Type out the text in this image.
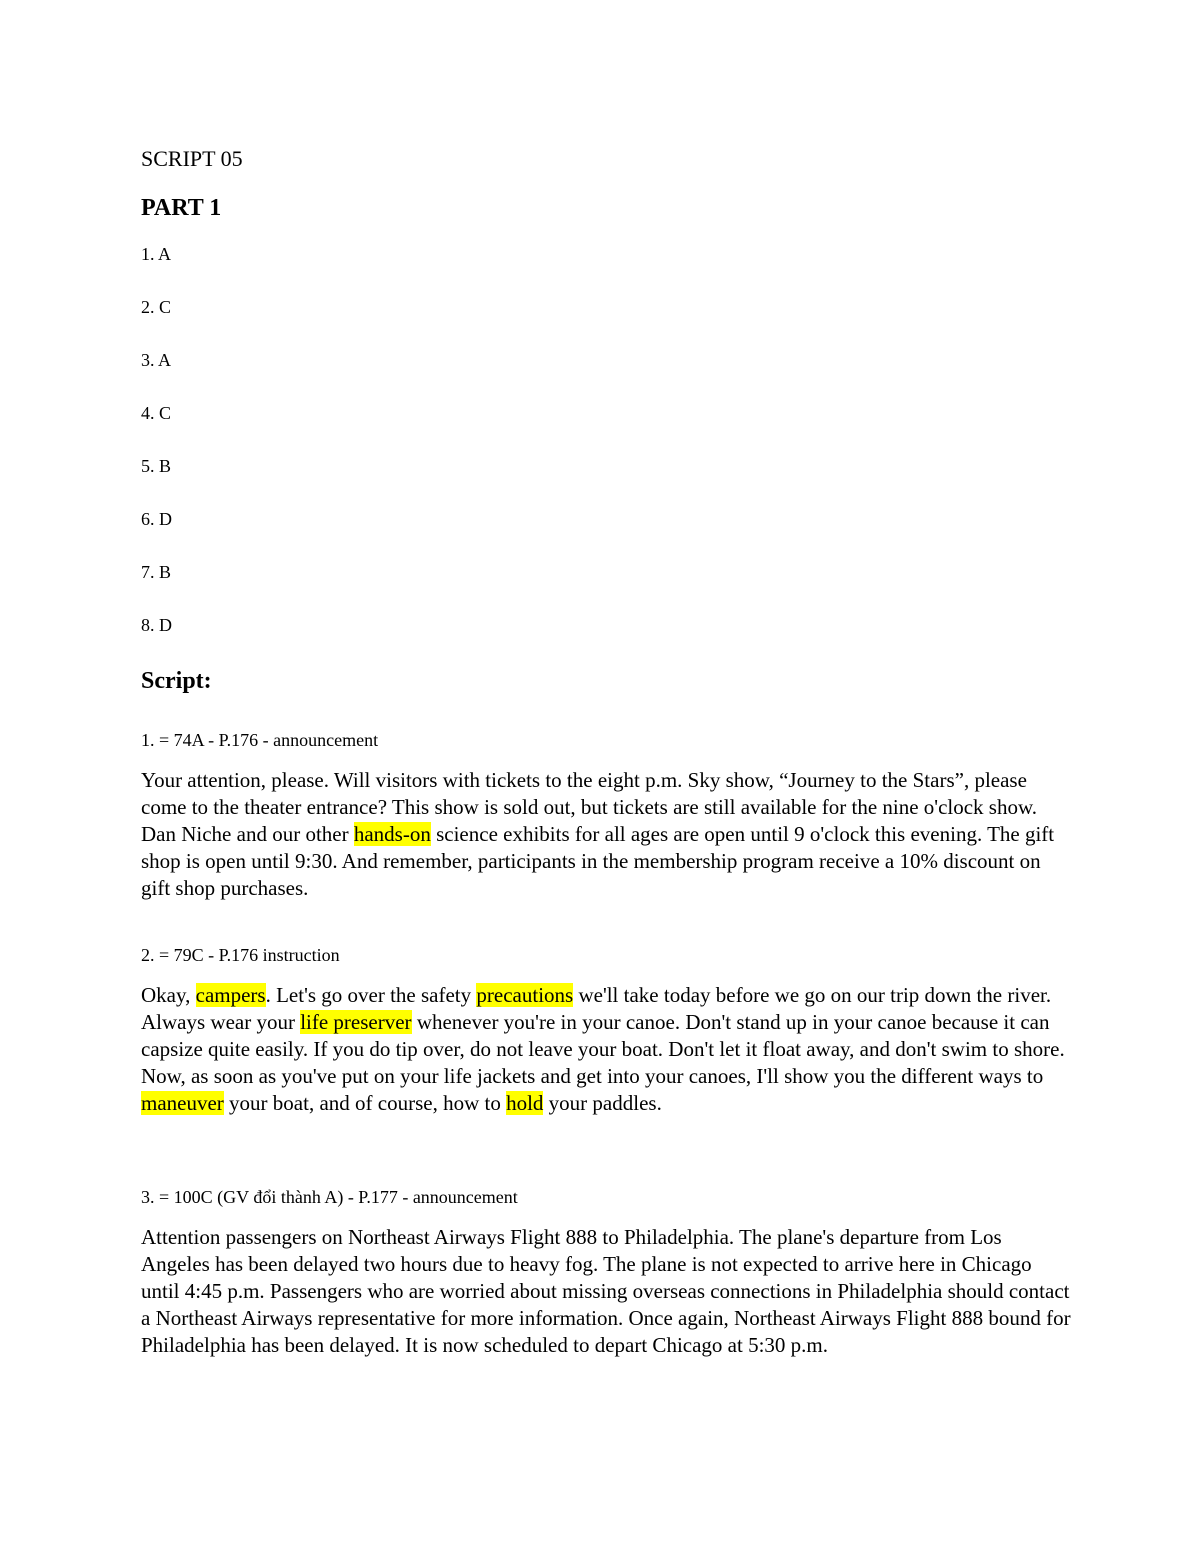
SCRIPT 05
PART 1
1. A
2. C
3. A
4. C
5. B
6. D
7. B
8. D
Script:

1. = 74A - P.176 - announcement

Your attention, please. Will visitors with tickets to the eight p.m. Sky show, “Journey to the Stars”, please come to the theater entrance? This show is sold out, but tickets are still available for the nine o'clock show. Dan Niche and our other hands-on science exhibits for all ages are open until 9 o'clock this evening. The gift shop is open until 9:30. And remember, participants in the membership program receive a 10% discount on gift shop purchases.

2. = 79C - P.176 instruction

Okay, campers. Let's go over the safety precautions we'll take today before we go on our trip down the river. Always wear your life preserver whenever you're in your canoe. Don't stand up in your canoe because it can capsize quite easily. If you do tip over, do not leave your boat. Don't let it float away, and don't swim to shore. Now, as soon as you've put on your life jackets and get into your canoes, I'll show you the different ways to maneuver your boat, and of course, how to hold your paddles.

3. = 100C (GV đổi thành A) - P.177 - announcement

Attention passengers on Northeast Airways Flight 888 to Philadelphia. The plane's departure from Los Angeles has been delayed two hours due to heavy fog. The plane is not expected to arrive here in Chicago until 4:45 p.m. Passengers who are worried about missing overseas connections in Philadelphia should contact a Northeast Airways representative for more information. Once again, Northeast Airways Flight 888 bound for Philadelphia has been delayed. It is now scheduled to depart Chicago at 5:30 p.m.
